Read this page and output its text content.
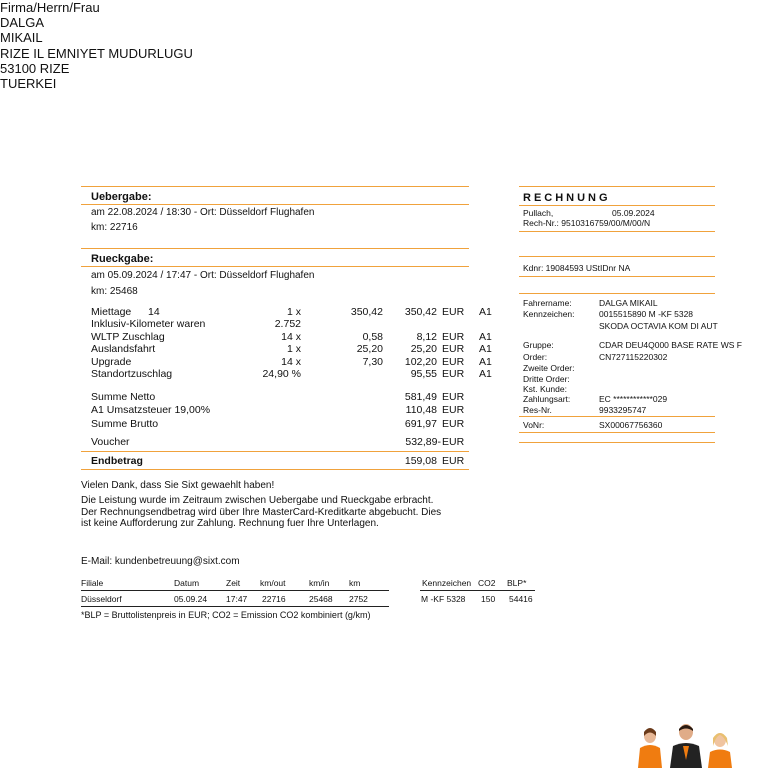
Firma/Herrn/Frau
DALGA
MIKAIL
RIZE IL EMNIYET MUDURLUGU
53100 RIZE
TUERKEI
Uebergabe:
am 22.08.2024 / 18:30 - Ort: Düsseldorf Flughafen
km: 22716
Rueckgabe:
am 05.09.2024 / 17:47 - Ort: Düsseldorf Flughafen
km: 25468
Miettage 14	1 x	350,42	350,42 EUR A1
Inklusiv-Kilometer waren	2.752
WLTP Zuschlag	14 x	0,58	8,12 EUR A1
Auslandsfahrt	1 x	25,20	25,20 EUR A1
Upgrade	14 x	7,30	102,20 EUR A1
Standortzuschlag	24,90 %	95,55 EUR A1
Summe Netto	581,49 EUR
A1 Umsatzsteuer 19,00%	110,48 EUR
Summe Brutto	691,97 EUR
Voucher	532,89- EUR
Endbetrag	159,08 EUR
Vielen Dank, dass Sie Sixt gewaehlt haben!
Die Leistung wurde im Zeitraum zwischen Uebergabe und Rueckgabe erbracht.
Der Rechnungsendbetrag wird über Ihre MasterCard-Kreditkarte abgebucht. Dies
ist keine Aufforderung zur Zahlung. Rechnung fuer Ihre Unterlagen.
E-Mail: kundenbetreuung@sixt.com
Filiale	Datum	Zeit km/out	km/in km	Kennzeichen CO2 BLP*
Düsseldorf	05.09.24 17:47 22716	25468 2752	M -KF 5328 150 54416
*BLP = Bruttolistenpreis in EUR; CO2 = Emission CO2 kombiniert (g/km)
RECHNUNG
Pullach,	05.09.2024
Rech-Nr.: 9510316759/00/M/00/N
Kdnr: 19084593 UStIDnr NA
Fahrername:	DALGA MIKAIL
Kennzeichen:	0015515890 M -KF 5328
SKODA OCTAVIA KOM DI AUT
Gruppe:	CDAR DEU4Q000 BASE RATE WS F
Order:	CN727115220302
Zweite Order:
Dritte Order:
Kst. Kunde:
Zahlungsart:	EC ************029
Res-Nr.	9933295747
VoNr:	SX00067756360
